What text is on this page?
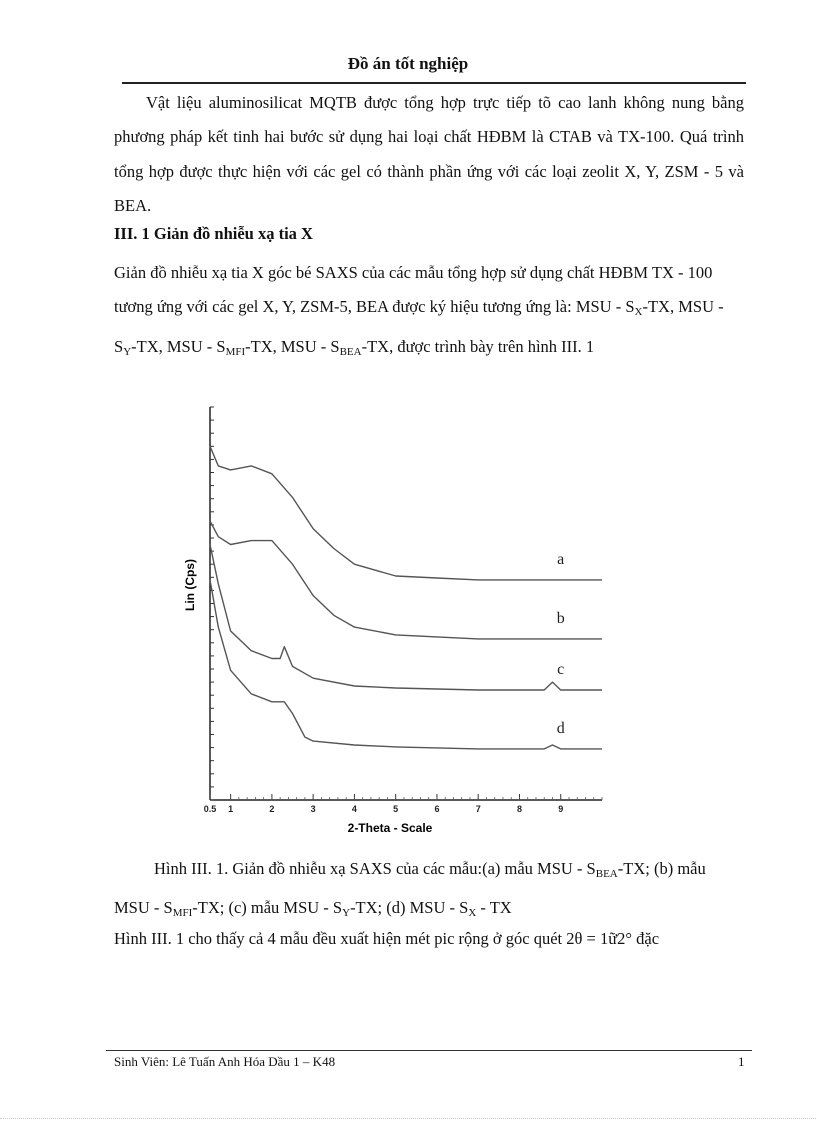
Đồ án tốt nghiệp
Vật liệu aluminosilicat MQTB được tổng hợp trực tiếp tõ cao lanh không nung bằng phương pháp kết tinh hai bước sử dụng hai loại chất HĐBM là CTAB và TX-100. Quá trình tổng hợp được thực hiện với các gel có thành phần ứng với các loại zeolit X, Y, ZSM - 5 và BEA.
III. 1 Giản đồ nhiễu xạ tia X
Giản đồ nhiễu xạ tia X góc bé SAXS của các mẫu tổng hợp sử dụng chất HĐBM TX - 100 tương ứng với các gel X, Y, ZSM-5, BEA được ký hiệu tương ứng là: MSU - $S_X-TX$, MSU - $S_Y-TX$, MSU - $S_{MFI}-TX$, MSU - $S_{BEA}-TX$, được trình bày trên hình III. 1
0.5 1	2	3	4	5	6	7	8	9
a
b
c
d
Lin (Cps)
2-Theta - Scale
Hình III. 1. Giản đồ nhiễu xạ SAXS của các mẫu:(a) mẫu MSU - $S_{BEA}-TX$; (b) mẫu MSU - $S_{MFI}-TX$; (c) mẫu MSU - $S_Y-TX$; (d) MSU - $S_X$ - TX
Hình III. 1 cho thấy cả 4 mẫu đều xuất hiện mét pic rộng ở góc quét 2θ = 1ữ2° đặc
Sinh Viên: Lê Tuấn Anh Hóa Dầu 1 – K48	1
